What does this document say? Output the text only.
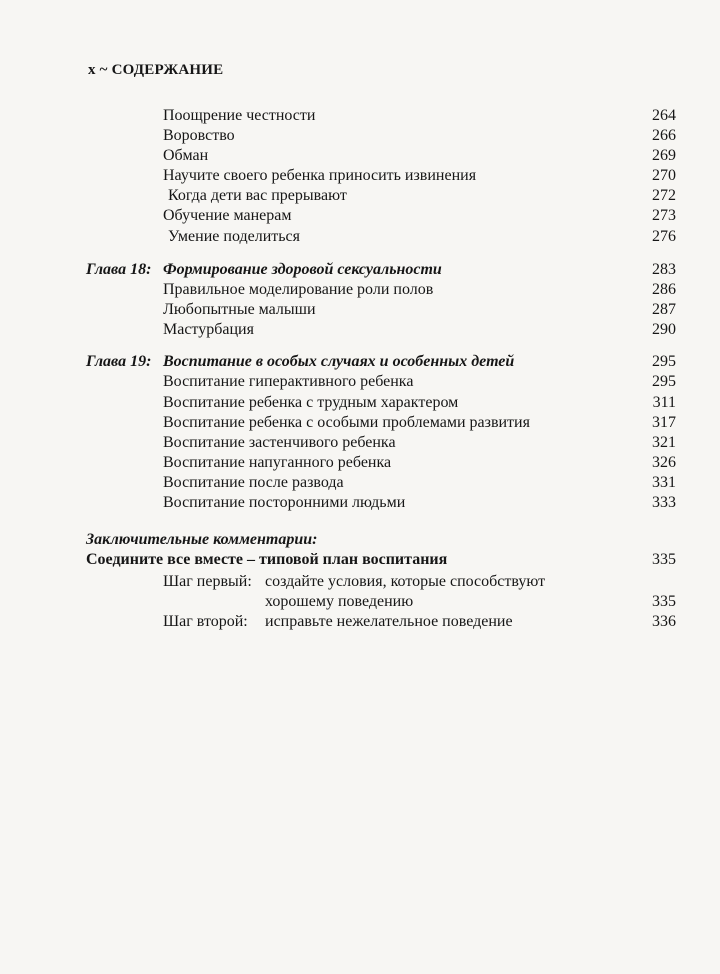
x ~ СОДЕРЖАНИЕ
Поощрение честности	264
Воровство	266
Обман	269
Научите своего ребенка приносить извинения	270
Когда дети вас прерывают	272
Обучение манерам	273
Умение поделиться	276
Глава 18: Формирование здоровой сексуальности	283
Правильное моделирование роли полов	286
Любопытные малыши	287
Мастурбация	290
Глава 19: Воспитание в особых случаях и особенных детей	295
Воспитание гиперактивного ребенка	295
Воспитание ребенка с трудным характером	311
Воспитание ребенка с особыми проблемами развития	317
Воспитание застенчивого ребенка	321
Воспитание напуганного ребенка	326
Воспитание после развода	331
Воспитание посторонними людьми	333
Заключительные комментарии:
Соедините все вместе – типовой план воспитания	335
Шаг первый: создайте условия, которые способствуют
хорошему поведению	335
Шаг второй: исправьте нежелательное поведение	336
